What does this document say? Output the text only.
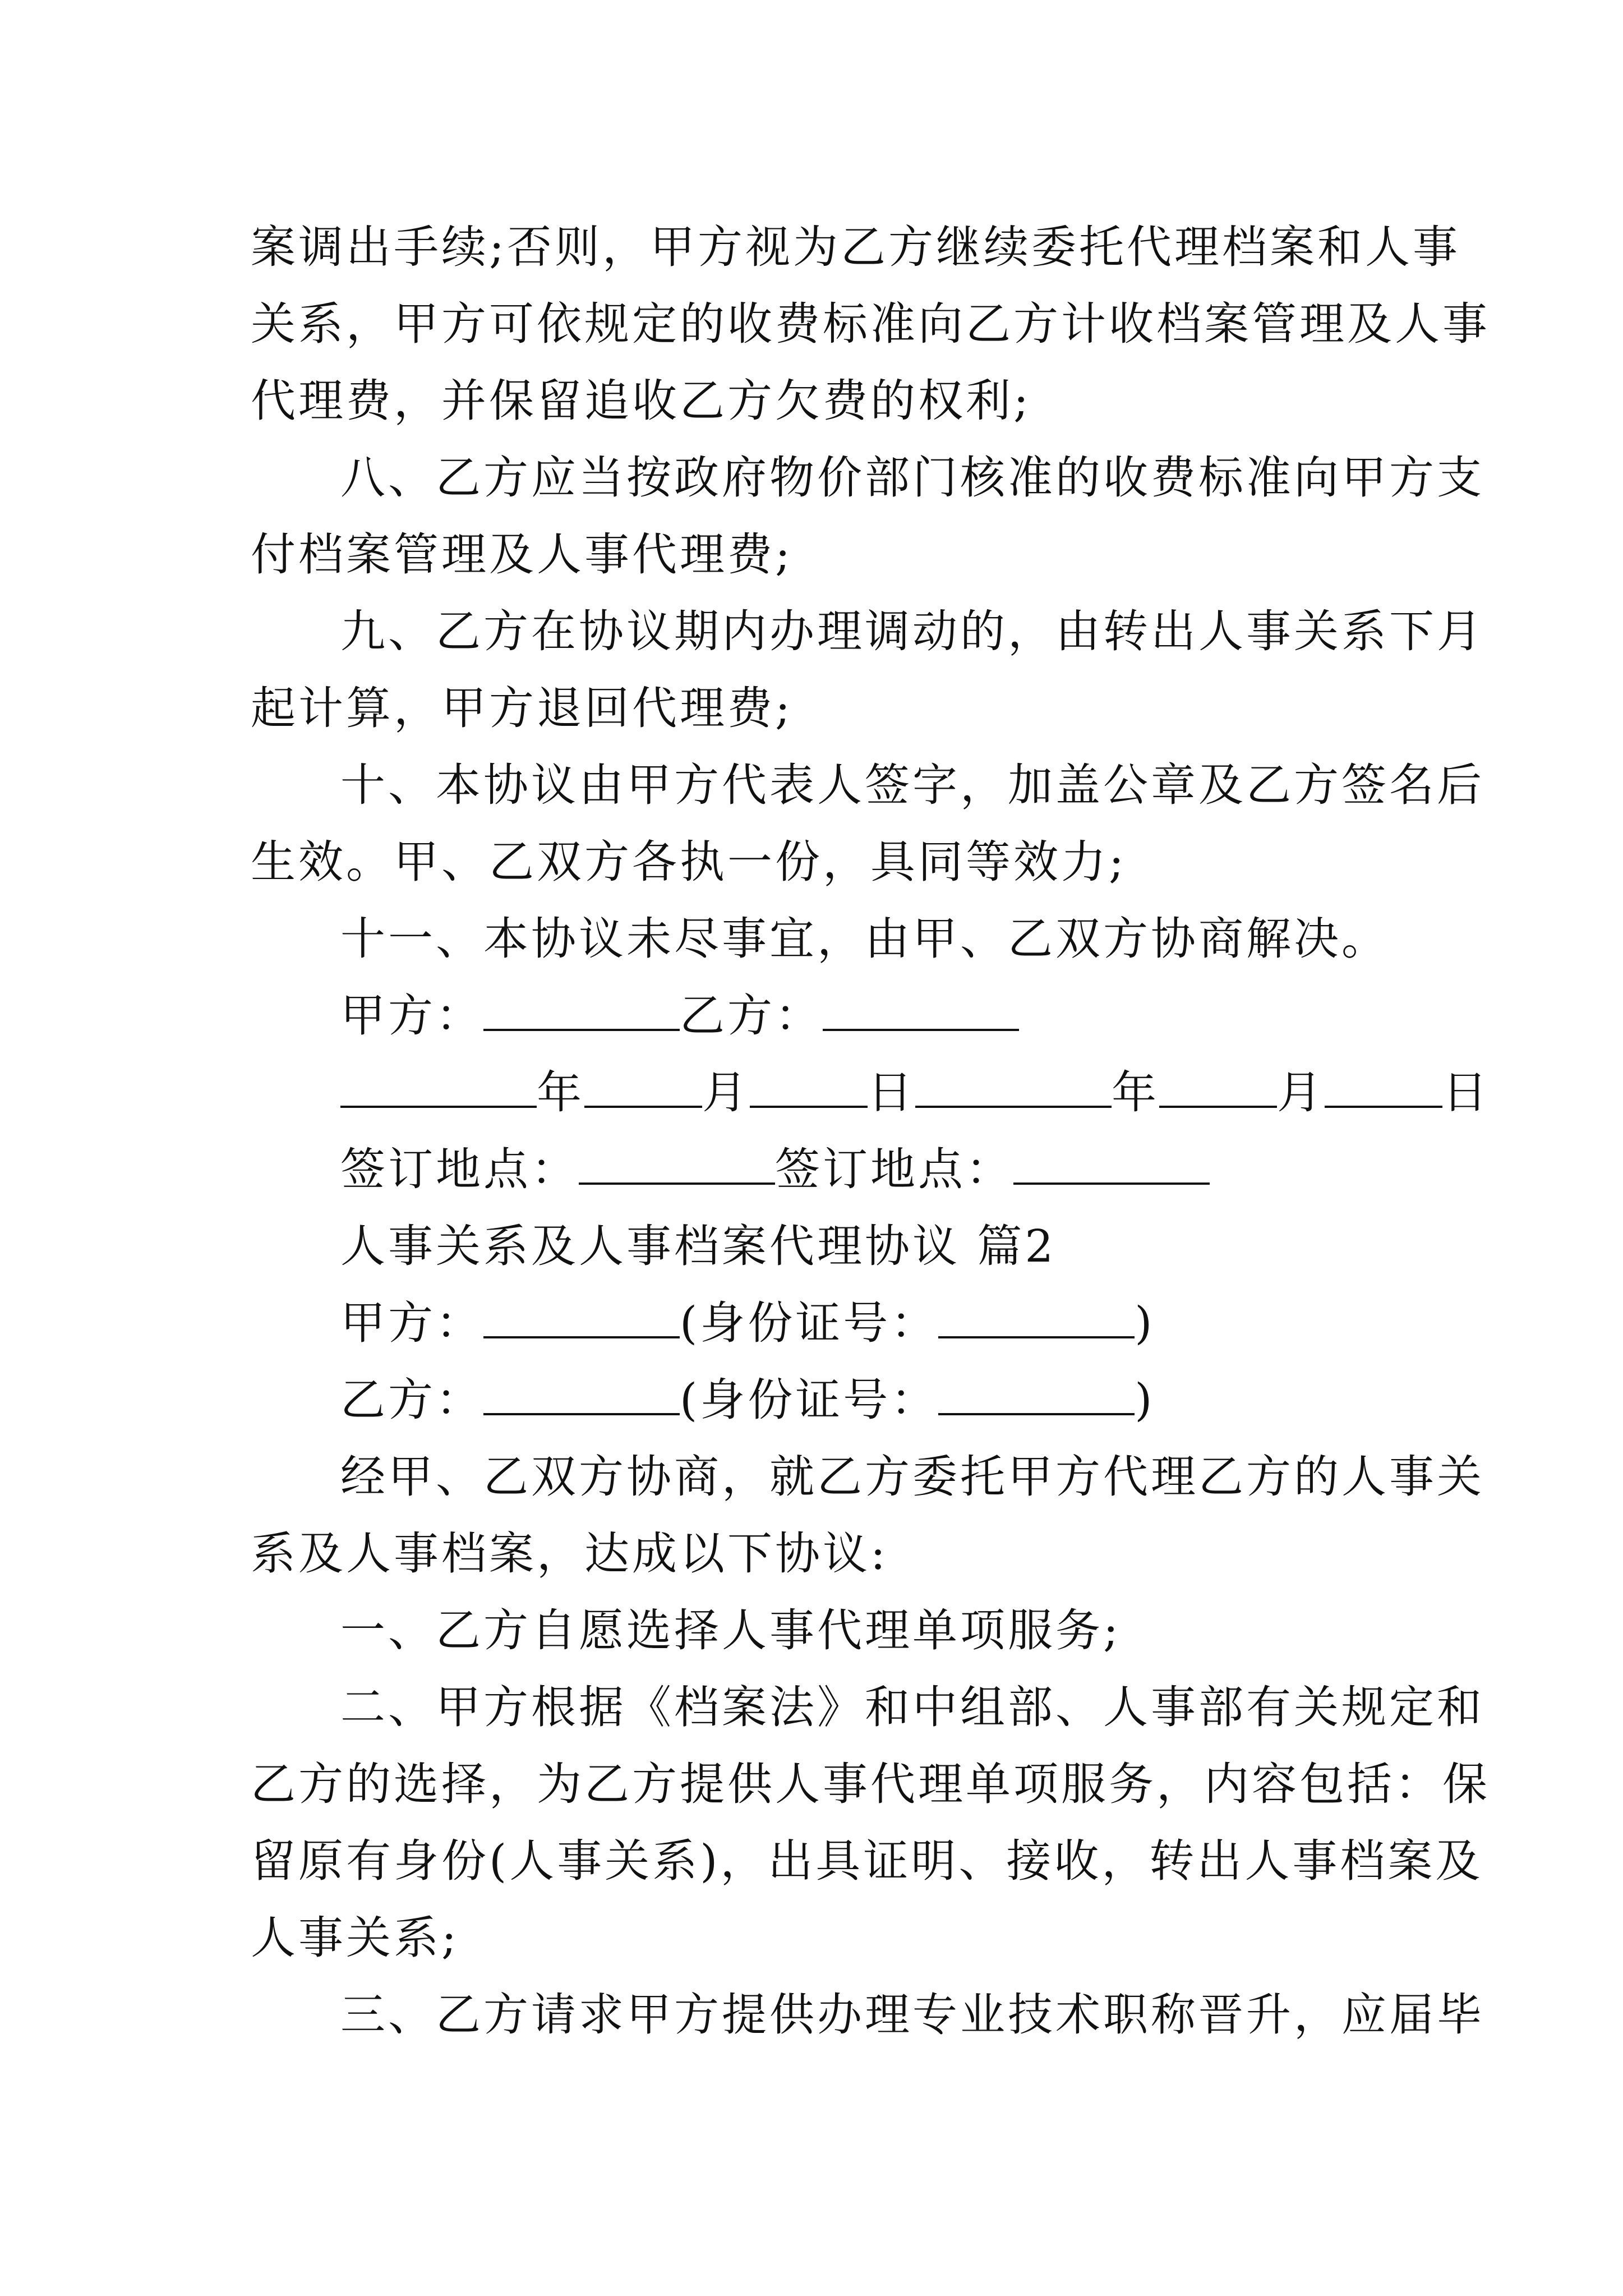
案调出手续;否则，甲方视为乙方继续委托代理档案和人事

关系，甲方可依规定的收费标准向乙方计收档案管理及人事

代理费，并保留追收乙方欠费的权利;

八、乙方应当按政府物价部门核准的收费标准向甲方支

付档案管理及人事代理费;

九、乙方在协议期内办理调动的，由转出人事关系下月

起计算，甲方退回代理费;

十、本协议由甲方代表人签字，加盖公章及乙方签名后

生效。甲、乙双方各执一份，具同等效力;

十一、本协议未尽事宜，由甲、乙双方协商解决。

甲方：	乙方：

年	月	日	年	月	日

签订地点：	签订地点：

人事关系及人事档案代理协议 篇2

甲方：	(身份证号：	)

乙方：	(身份证号：	)

经甲、乙双方协商，就乙方委托甲方代理乙方的人事关

系及人事档案，达成以下协议:

一、乙方自愿选择人事代理单项服务;

二、甲方根据《档案法》和中组部、人事部有关规定和

乙方的选择，为乙方提供人事代理单项服务，内容包括：保

留原有身份(人事关系)，出具证明、接收，转出人事档案及

人事关系;

三、乙方请求甲方提供办理专业技术职称晋升，应届毕
